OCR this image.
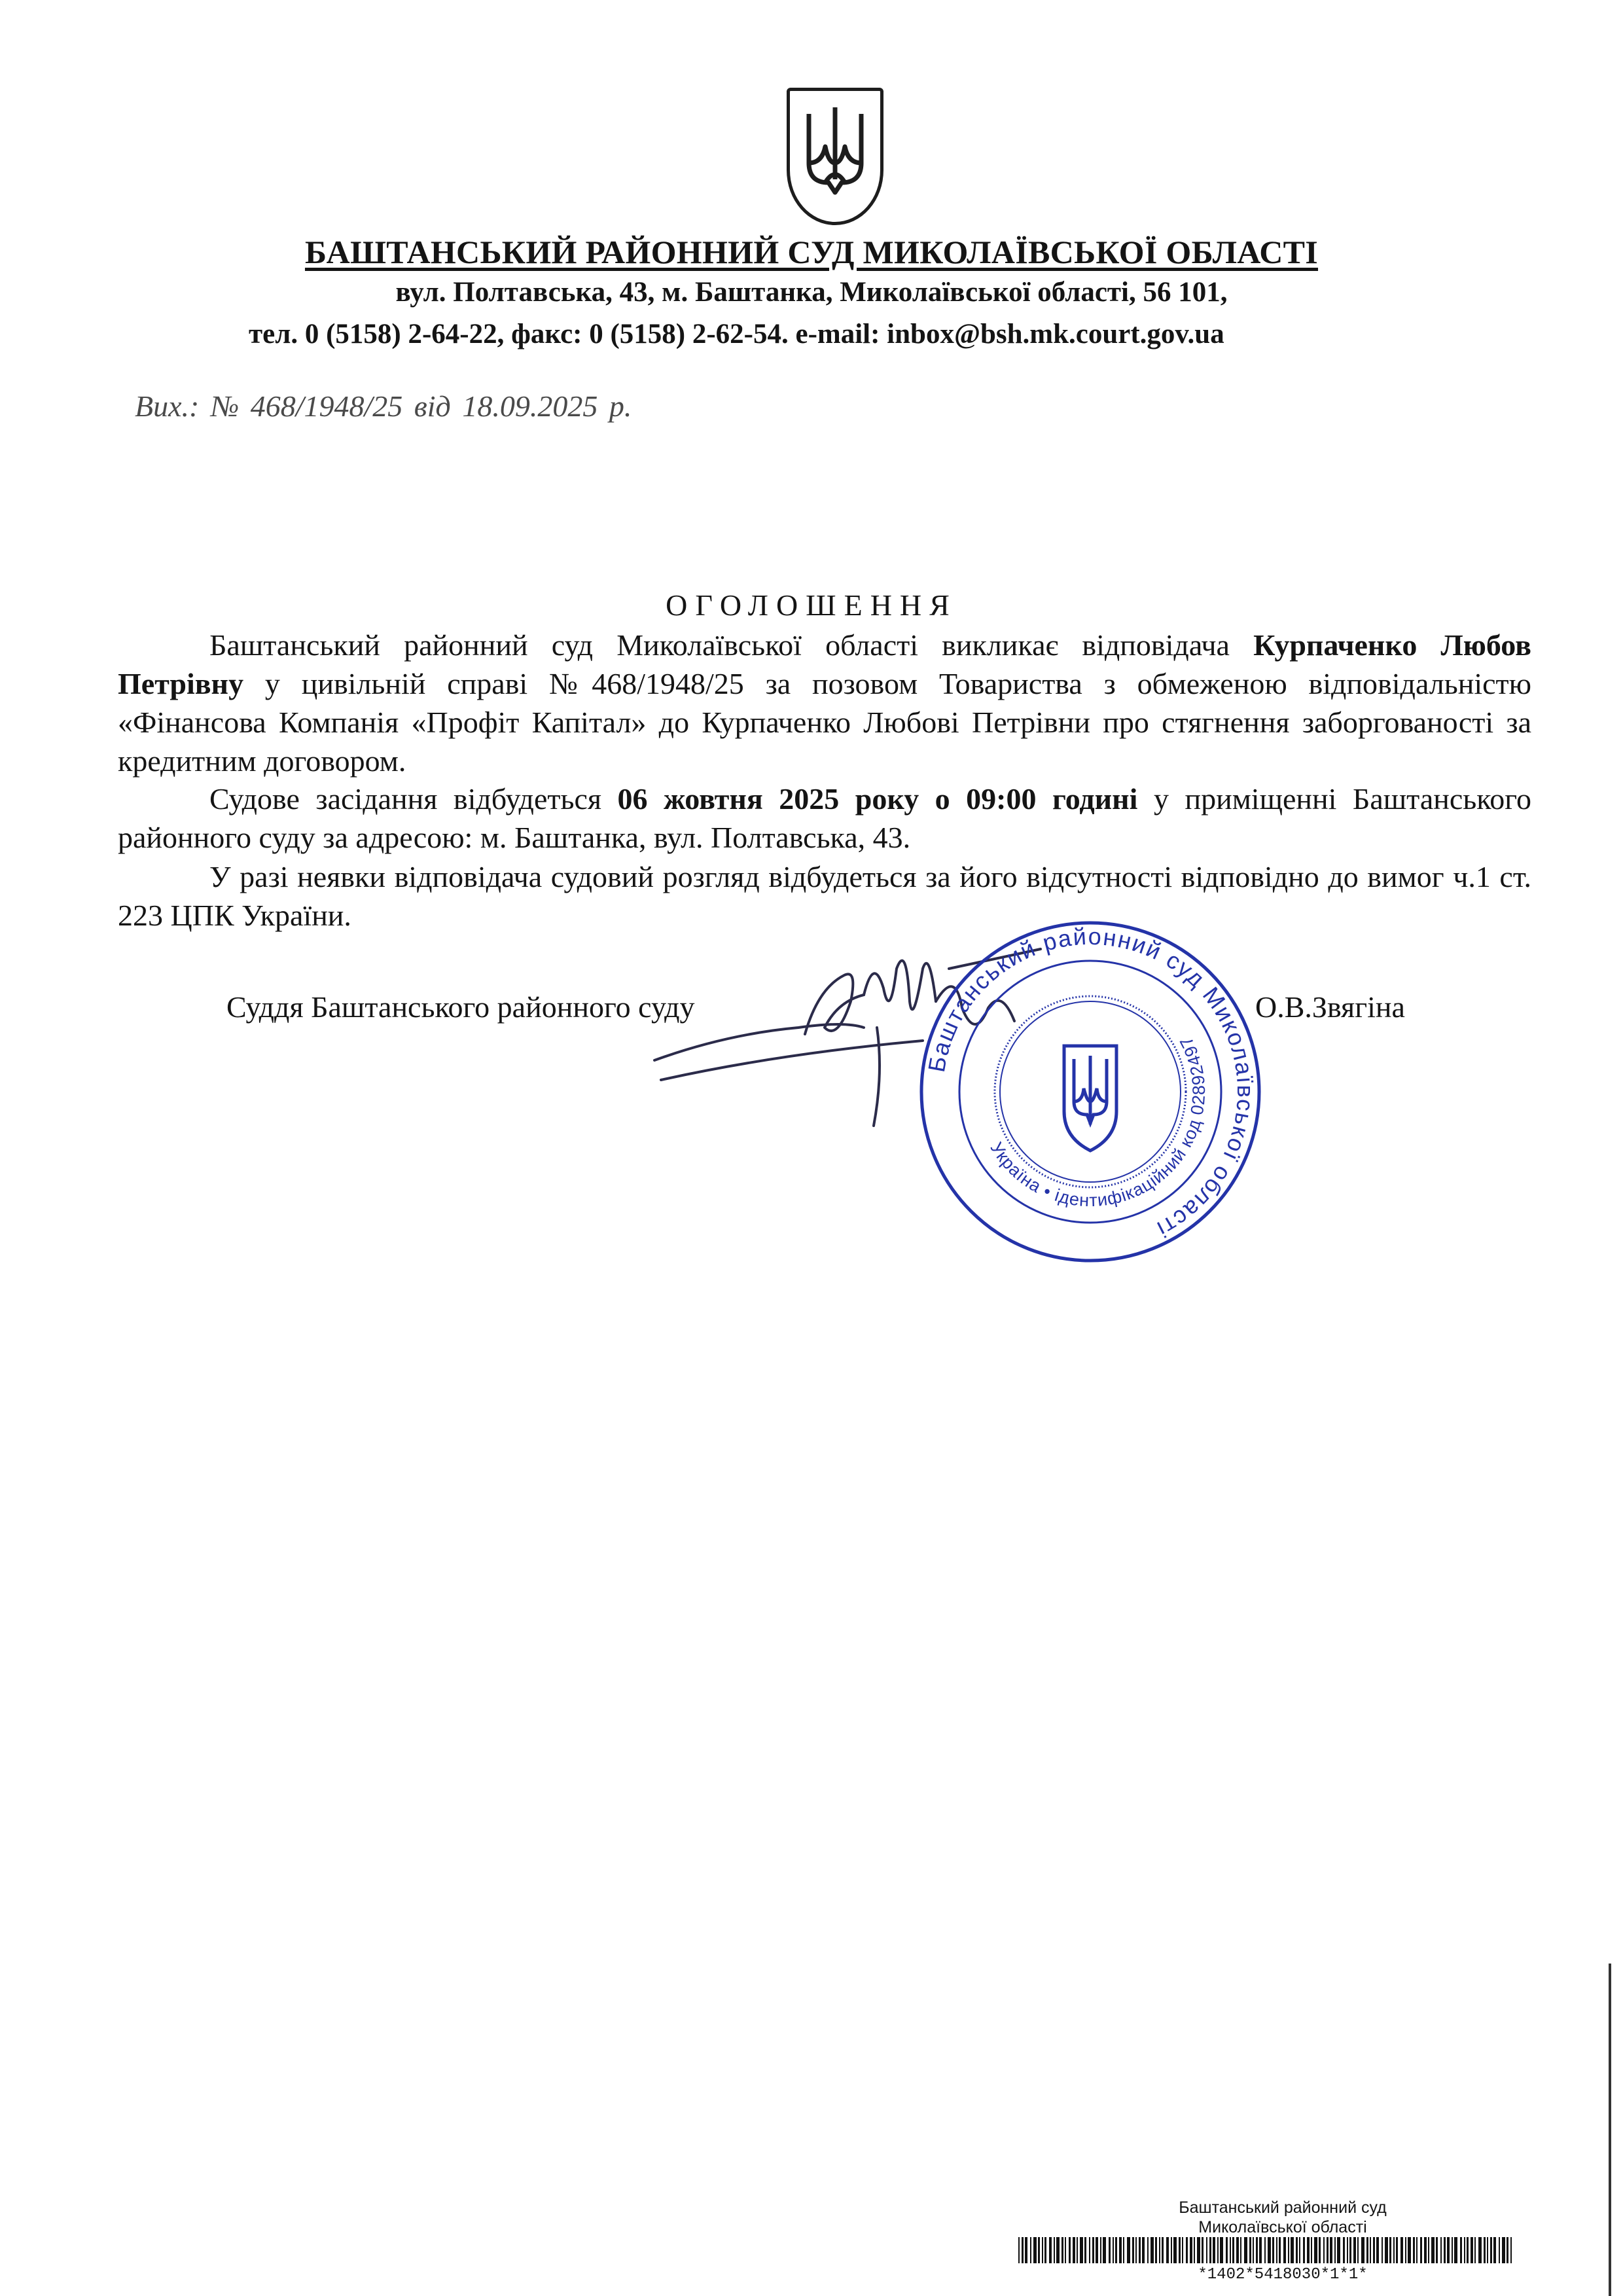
БАШТАНСЬКИЙ РАЙОННИЙ СУД МИКОЛАЇВСЬКОЇ ОБЛАСТІ
вул. Полтавська, 43, м. Баштанка, Миколаївської області, 56 101,
тел. 0 (5158) 2-64-22, факс: 0 (5158) 2-62-54. e-mail: inbox@bsh.mk.court.gov.ua
Вих.: № 468/1948/25 від 18.09.2025 р.
ОГОЛОШЕННЯ
Баштанський районний суд Миколаївської області викликає відповідача Курпаченко Любов Петрівну у цивільній справі №468/1948/25 за позовом Товариства з обмеженою відповідальністю «Фінансова Компанія «Профіт Капітал» до Курпаченко Любові Петрівни про стягнення заборгованості за кредитним договором.
Судове засідання відбудеться 06 жовтня 2025 року о 09:00 годині у приміщенні Баштанського районного суду за адресою: м. Баштанка, вул. Полтавська, 43.
У разі неявки відповідача судовий розгляд відбудеться за його відсутності відповідно до вимог ч.1 ст. 223 ЦПК України.
Суддя Баштанського районного суду	О.В.Звягіна
Баштанський районний суд Миколаївської області
Україна • ідентифікаційний код 02892497
Баштанський районний суд
Миколаївської області
*1402*5418030*1*1*
